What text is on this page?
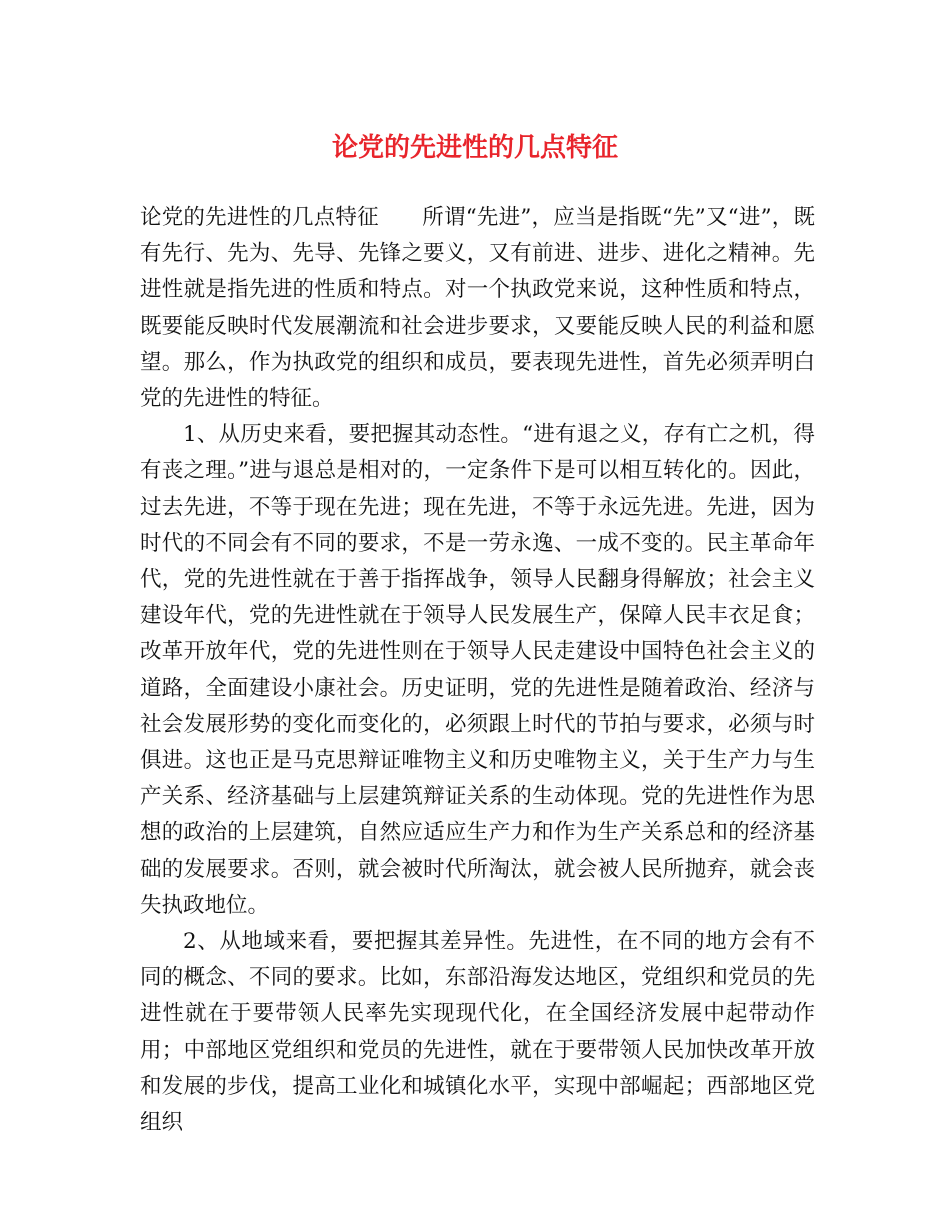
论党的先进性的几点特征

论党的先进性的几点特征　　所谓“先进”，应当是指既“先”又“进”，既有先行、先为、先导、先锋之要义，又有前进、进步、进化之精神。先进性就是指先进的性质和特点。对一个执政党来说，这种性质和特点，既要能反映时代发展潮流和社会进步要求，又要能反映人民的利益和愿望。那么，作为执政党的组织和成员，要表现先进性，首先必须弄明白党的先进性的特征。

1、从历史来看，要把握其动态性。“进有退之义，存有亡之机，得有丧之理。”进与退总是相对的，一定条件下是可以相互转化的。因此，过去先进，不等于现在先进；现在先进，不等于永远先进。先进，因为时代的不同会有不同的要求，不是一劳永逸、一成不变的。民主革命年代，党的先进性就在于善于指挥战争，领导人民翻身得解放；社会主义建设年代，党的先进性就在于领导人民发展生产，保障人民丰衣足食；改革开放年代，党的先进性则在于领导人民走建设中国特色社会主义的道路，全面建设小康社会。历史证明，党的先进性是随着政治、经济与社会发展形势的变化而变化的，必须跟上时代的节拍与要求，必须与时俱进。这也正是马克思辩证唯物主义和历史唯物主义，关于生产力与生产关系、经济基础与上层建筑辩证关系的生动体现。党的先进性作为思想的政治的上层建筑，自然应适应生产力和作为生产关系总和的经济基础的发展要求。否则，就会被时代所淘汰，就会被人民所抛弃，就会丧失执政地位。

2、从地域来看，要把握其差异性。先进性，在不同的地方会有不同的概念、不同的要求。比如，东部沿海发达地区，党组织和党员的先进性就在于要带领人民率先实现现代化，在全国经济发展中起带动作用；中部地区党组织和党员的先进性，就在于要带领人民加快改革开放和发展的步伐，提高工业化和城镇化水平，实现中部崛起；西部地区党组织
